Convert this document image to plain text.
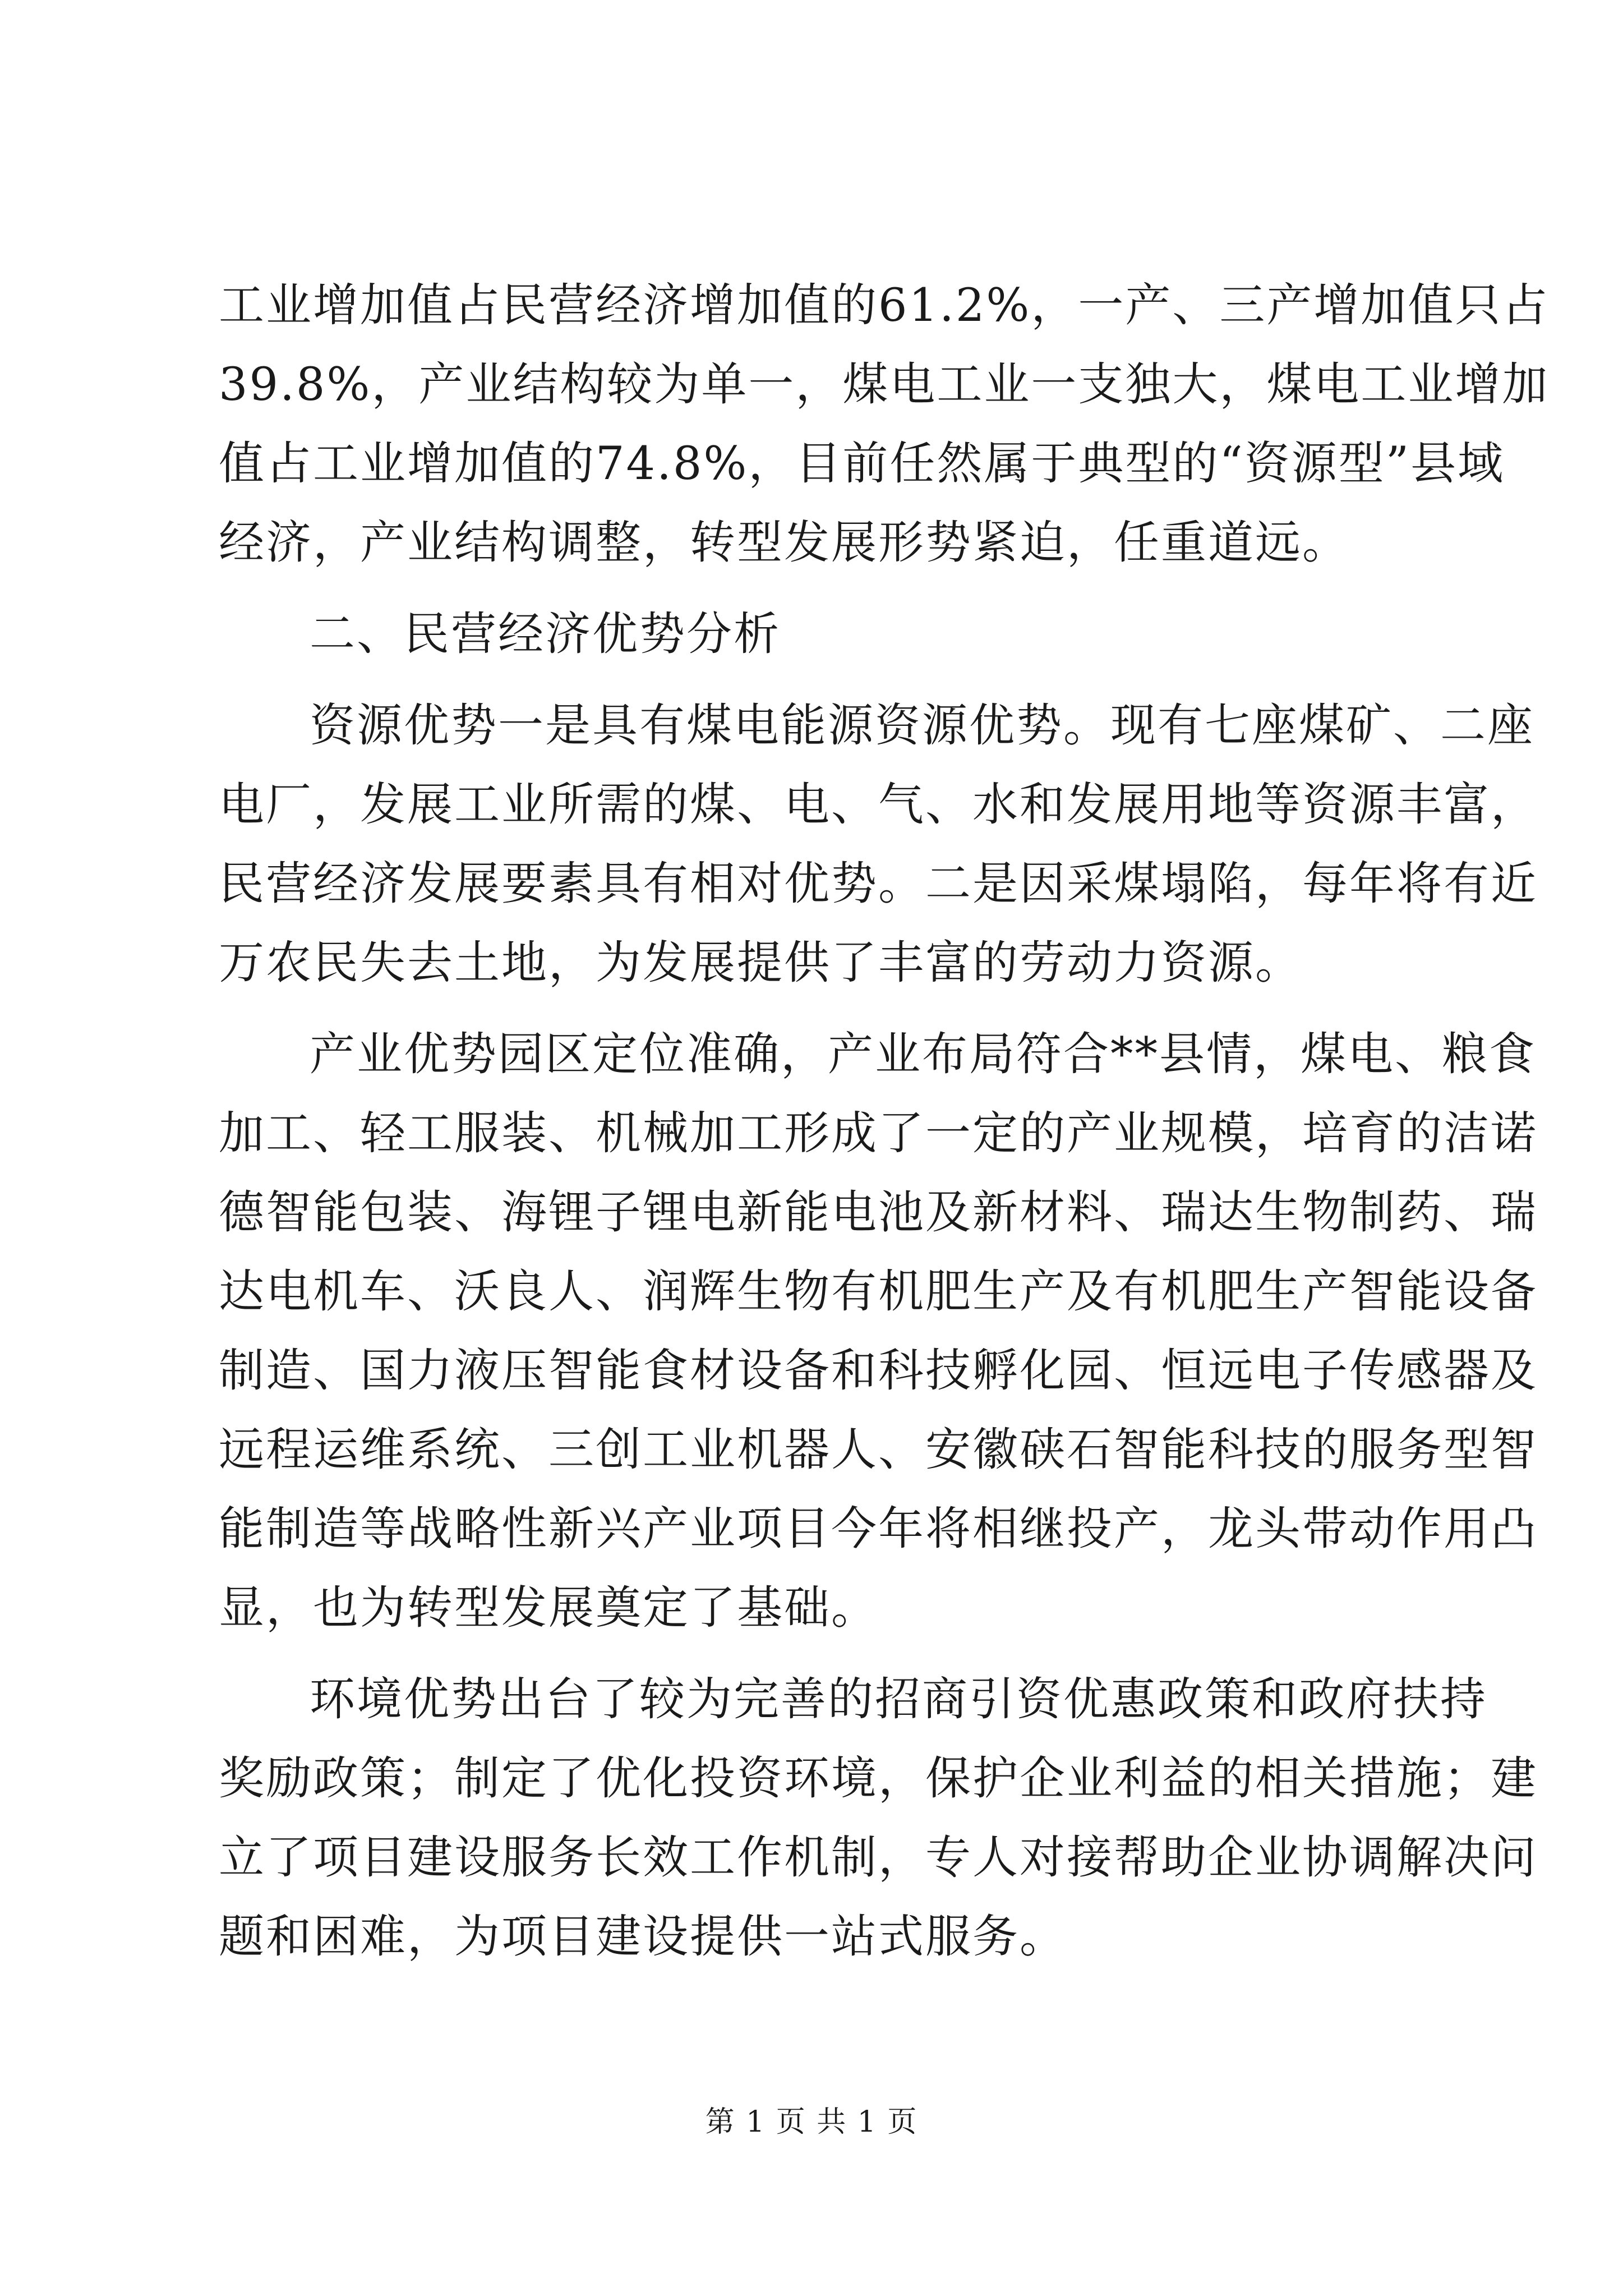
工业增加值占民营经济增加值的61.2%，一产、三产增加值只占
39.8%，产业结构较为单一，煤电工业一支独大，煤电工业增加
值占工业增加值的74.8%，目前任然属于典型的“资源型”县域
经济，产业结构调整，转型发展形势紧迫，任重道远。

二、民营经济优势分析

资源优势一是具有煤电能源资源优势。现有七座煤矿、二座
电厂，发展工业所需的煤、电、气、水和发展用地等资源丰富，
民营经济发展要素具有相对优势。二是因采煤塌陷，每年将有近
万农民失去土地，为发展提供了丰富的劳动力资源。

产业优势园区定位准确，产业布局符合**县情，煤电、粮食
加工、轻工服装、机械加工形成了一定的产业规模，培育的洁诺
德智能包装、海锂子锂电新能电池及新材料、瑞达生物制药、瑞
达电机车、沃良人、润辉生物有机肥生产及有机肥生产智能设备
制造、国力液压智能食材设备和科技孵化园、恒远电子传感器及
远程运维系统、三创工业机器人、安徽硖石智能科技的服务型智
能制造等战略性新兴产业项目今年将相继投产，龙头带动作用凸
显，也为转型发展奠定了基础。

环境优势出台了较为完善的招商引资优惠政策和政府扶持
奖励政策；制定了优化投资环境，保护企业利益的相关措施；建
立了项目建设服务长效工作机制，专人对接帮助企业协调解决问
题和困难，为项目建设提供一站式服务。

第 1 页 共 1 页
